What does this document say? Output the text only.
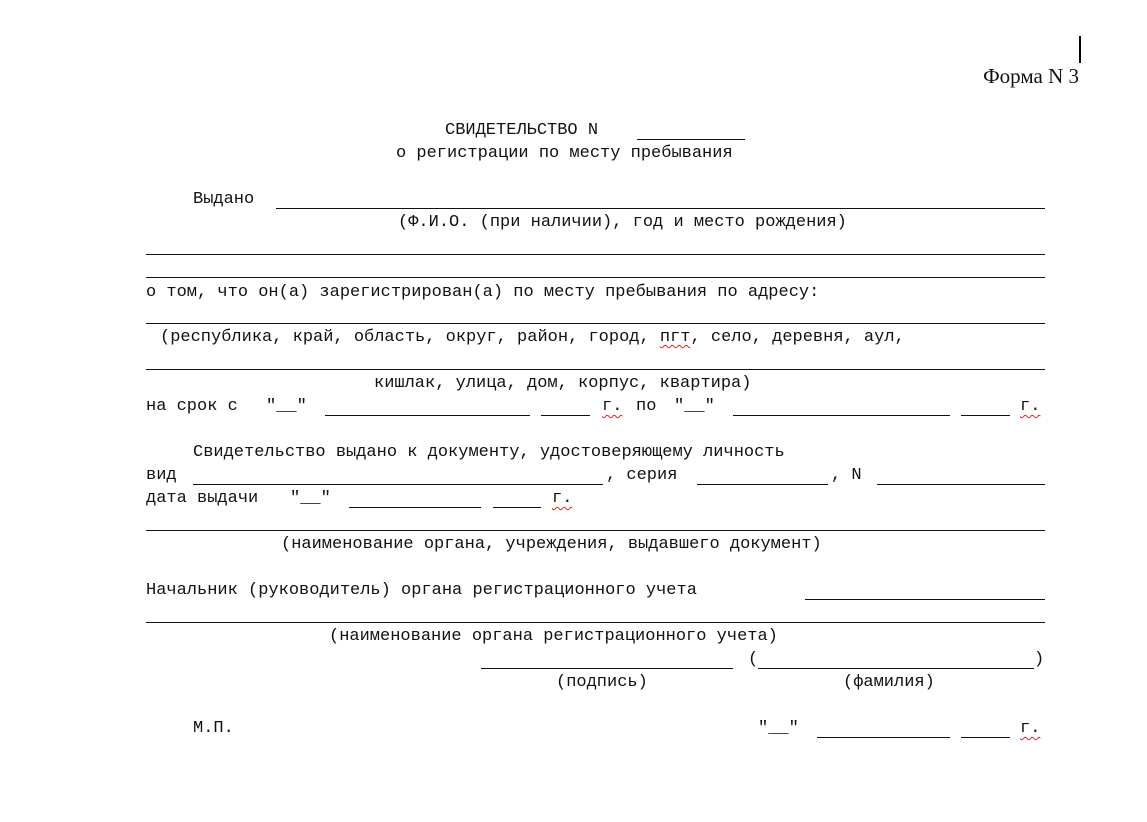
Форма N 3
СВИДЕТЕЛЬСТВО N
о регистрации по месту пребывания
Выдано
(Ф.И.О. (при наличии), год и место рождения)
о том, что он(а) зарегистрирован(а) по месту пребывания по адресу:
(республика, край, область, округ, район, город, пгт, село, деревня, аул,
кишлак, улица, дом, корпус, квартира)
на срок с "__"	г. по "__"	г.
Свидетельство выдано к документу, удостоверяющему личность
вид	, серия	, N
дата выдачи "__"	г.
(наименование органа, учреждения, выдавшего документ)
Начальник (руководитель) органа регистрационного учета
(наименование органа регистрационного учета)
(	)
(подпись)	(фамилия)
М.П.	"__"	г.
